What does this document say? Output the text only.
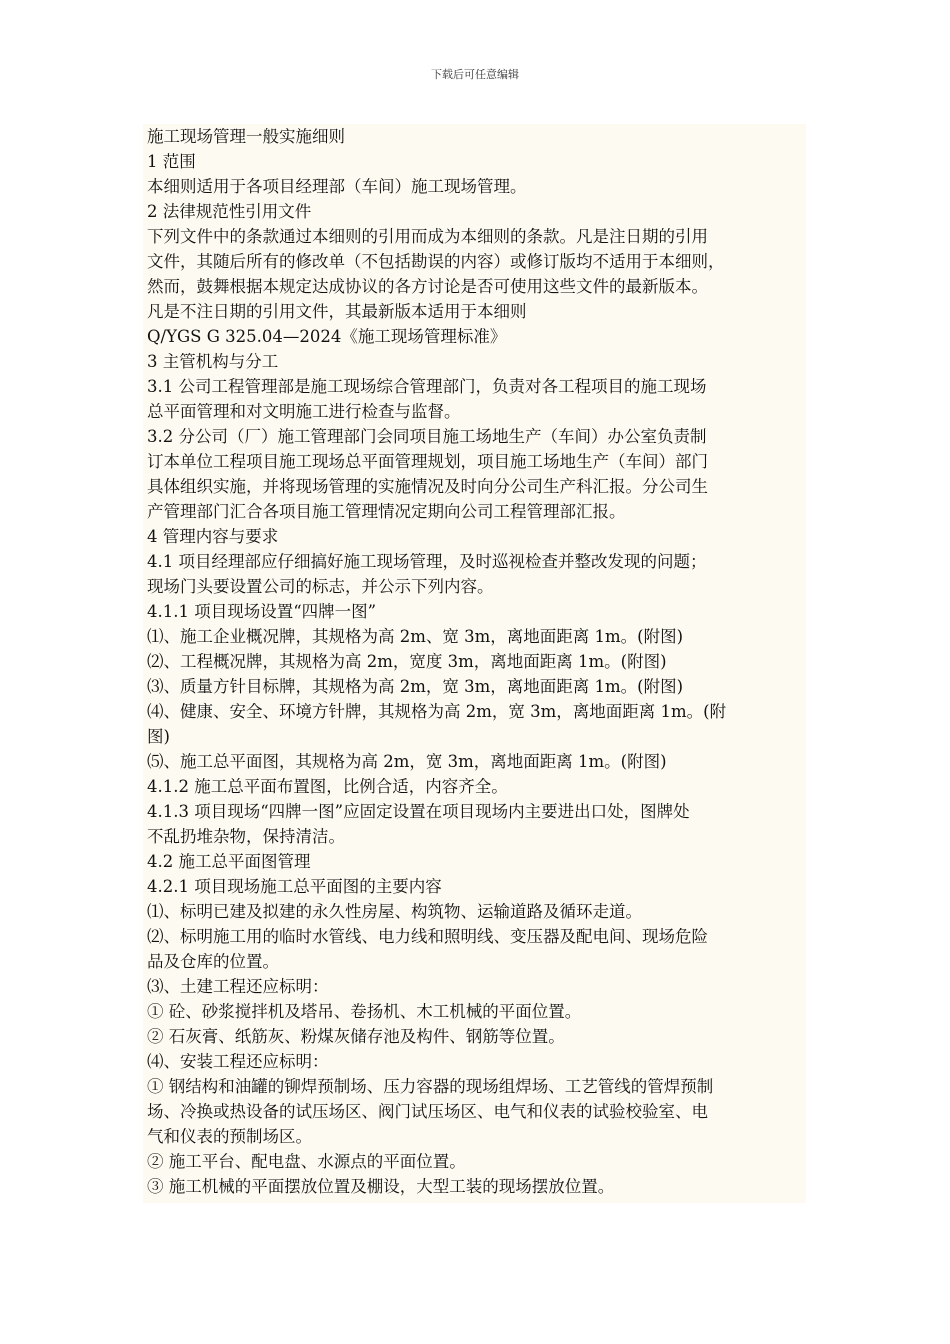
下载后可任意编辑
施工现场管理一般实施细则
1 范围
本细则适用于各项目经理部（车间）施工现场管理。
2 法律规范性引用文件
下列文件中的条款通过本细则的引用而成为本细则的条款。凡是注日期的引用
文件，其随后所有的修改单（不包括勘误的内容）或修订版均不适用于本细则，
然而，鼓舞根据本规定达成协议的各方讨论是否可使用这些文件的最新版本。
凡是不注日期的引用文件，其最新版本适用于本细则
Q/YGS G 325.04—2024《施工现场管理标准》
3 主管机构与分工
3.1 公司工程管理部是施工现场综合管理部门，负责对各工程项目的施工现场
总平面管理和对文明施工进行检查与监督。
3.2 分公司（厂）施工管理部门会同项目施工场地生产（车间）办公室负责制
订本单位工程项目施工现场总平面管理规划，项目施工场地生产（车间）部门
具体组织实施，并将现场管理的实施情况及时向分公司生产科汇报。分公司生
产管理部门汇合各项目施工管理情况定期向公司工程管理部汇报。
4 管理内容与要求
4.1 项目经理部应仔细搞好施工现场管理，及时巡视检查并整改发现的问题；
现场门头要设置公司的标志，并公示下列内容。
4.1.1 项目现场设置“四牌一图”
⑴、施工企业概况牌，其规格为高 2m、宽 3m，离地面距离 1m。(附图)
⑵、工程概况牌，其规格为高 2m，宽度 3m，离地面距离 1m。(附图)
⑶、质量方针目标牌，其规格为高 2m，宽 3m，离地面距离 1m。(附图)
⑷、健康、安全、环境方针牌，其规格为高 2m，宽 3m，离地面距离 1m。(附
图)
⑸、施工总平面图，其规格为高 2m，宽 3m，离地面距离 1m。(附图)
4.1.2 施工总平面布置图，比例合适，内容齐全。
4.1.3 项目现场“四牌一图”应固定设置在项目现场内主要进出口处，图牌处
不乱扔堆杂物，保持清洁。
4.2 施工总平面图管理
4.2.1 项目现场施工总平面图的主要内容
⑴、标明已建及拟建的永久性房屋、构筑物、运输道路及循环走道。
⑵、标明施工用的临时水管线、电力线和照明线、变压器及配电间、现场危险
品及仓库的位置。
⑶、土建工程还应标明：
① 砼、砂浆搅拌机及塔吊、卷扬机、木工机械的平面位置。
② 石灰膏、纸筋灰、粉煤灰储存池及构件、钢筋等位置。
⑷、安装工程还应标明：
① 钢结构和油罐的铆焊预制场、压力容器的现场组焊场、工艺管线的管焊预制
场、冷换或热设备的试压场区、阀门试压场区、电气和仪表的试验校验室、电
气和仪表的预制场区。
② 施工平台、配电盘、水源点的平面位置。
③ 施工机械的平面摆放位置及棚设，大型工装的现场摆放位置。
